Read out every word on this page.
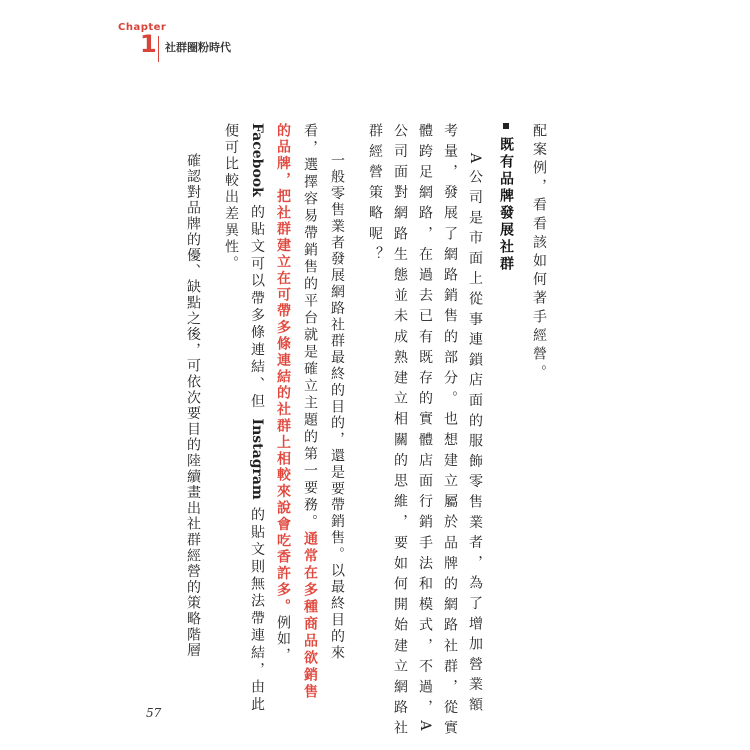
Chapter
1 社群圈粉時代
配案例，看看該如何著手經營。
既有品牌發展社群
A公司是市面上從事連鎖店面的服飾零售業者，為了增加營業額
考量，發展了網路銷售的部分。也想建立屬於品牌的網路社群，從實
體跨足網路，在過去已有既存的實體店面行銷手法和模式，不過，A
公司面對網路生態並未成熟建立相關的思維，要如何開始建立網路社
群經營策略呢？
一般零售業者發展網路社群最終的目的，還是要帶銷售。以最終目的來
看，選擇容易帶銷售的平台就是確立主題的第一要務。通常在多種商品欲銷售
的品牌，把社群建立在可帶多條連結的社群上相較來說會吃香許多。例如，
Facebook 的貼文可以帶多條連結、但 Instagram 的貼文則無法帶連結，由此
便可比較出差異性。
確認對品牌的優、缺點之後，可依次要目的陸續畫出社群經營的策略階層
57
